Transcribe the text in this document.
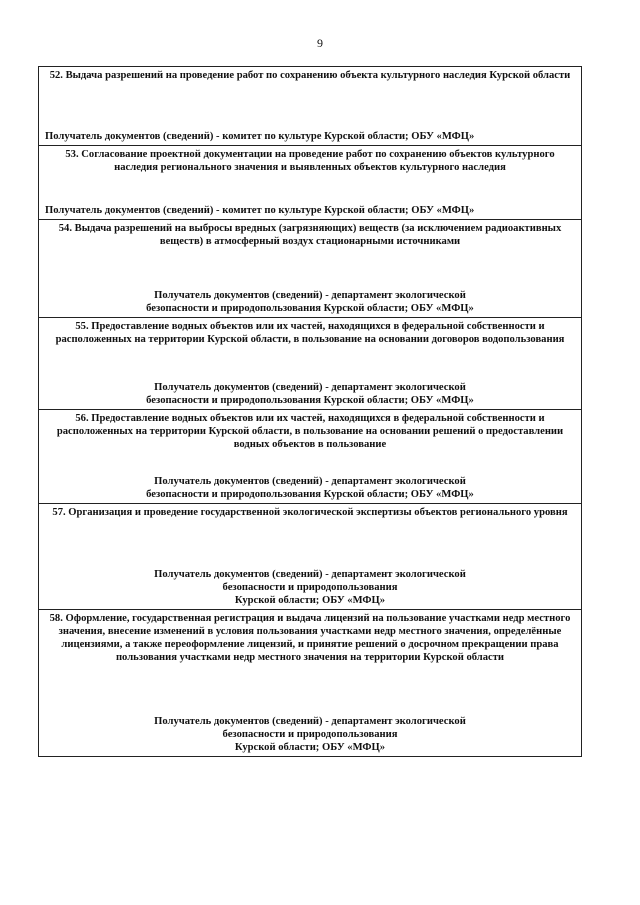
9
52. Выдача разрешений на проведение работ по сохранению объекта культурного наследия Курской области
Получатель документов (сведений) - комитет по культуре Курской области; ОБУ «МФЦ»
53. Согласование проектной документации на проведение работ по сохранению объектов культурного наследия регионального значения и выявленных объектов культурного наследия
Получатель документов (сведений) - комитет по культуре Курской области; ОБУ «МФЦ»
54. Выдача разрешений на выбросы вредных (загрязняющих) веществ (за исключением радиоактивных веществ) в атмосферный воздух стационарными источниками
Получатель документов (сведений) - департамент экологической
безопасности и природопользования Курской области; ОБУ «МФЦ»
55. Предоставление водных объектов или их частей, находящихся в федеральной собственности и расположенных на территории Курской области, в пользование на основании договоров водопользования
Получатель документов (сведений) - департамент экологической
безопасности и природопользования Курской области; ОБУ «МФЦ»
56. Предоставление водных объектов или их частей, находящихся в федеральной собственности и расположенных на территории Курской области, в пользование на основании решений о предоставлении водных объектов в пользование
Получатель документов (сведений) - департамент экологической
безопасности и природопользования Курской области; ОБУ «МФЦ»
57. Организация и проведение государственной экологической экспертизы объектов регионального уровня
Получатель документов (сведений) - департамент экологической
безопасности и природопользования
Курской области; ОБУ «МФЦ»
58. Оформление, государственная регистрация и выдача лицензий на пользование участками недр местного значения, внесение изменений в условия пользования участками недр местного значения, определённые лицензиями, а также переоформление лицензий, и принятие решений о досрочном прекращении права пользования участками недр местного значения на территории Курской области
Получатель документов (сведений) - департамент экологической
безопасности и природопользования
Курской области; ОБУ «МФЦ»
